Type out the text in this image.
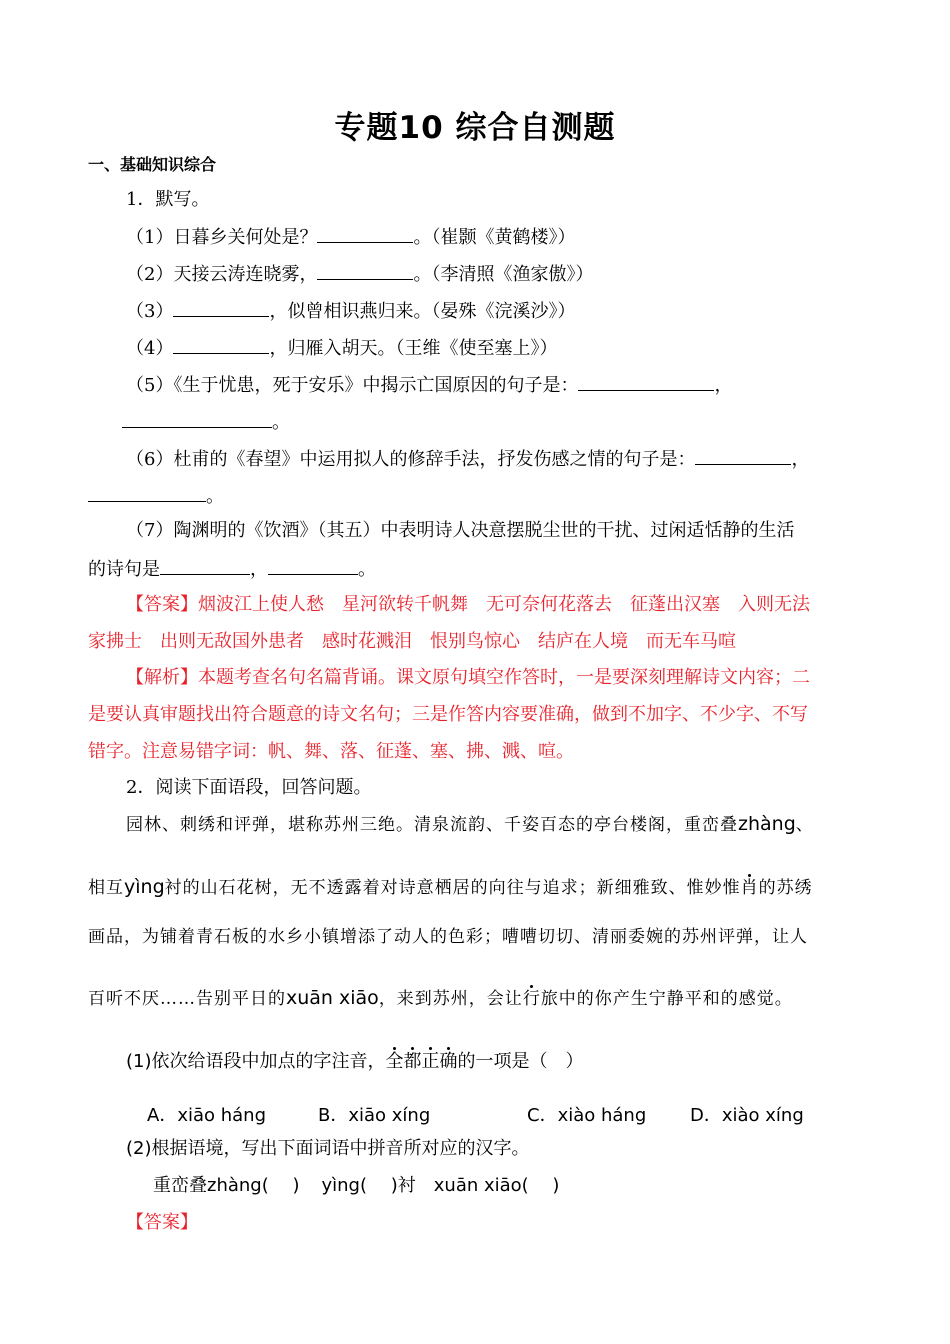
专题10 综合自测题
一、基础知识综合
1．默写。
（1）日暮乡关何处是？	。（崔颢《黄鹤楼》）
（2）天接云涛连晓雾，	。（李清照《渔家傲》）
（3）	，似曾相识燕归来。（晏殊《浣溪沙》）
（4）	，归雁入胡天。（王维《使至塞上》）
（5）《生于忧患，死于安乐》中揭示亡国原因的句子是：	，
。
（6）杜甫的《春望》中运用拟人的修辞手法，抒发伤感之情的句子是：	，
。
（7）陶渊明的《饮酒》（其五）中表明诗人决意摆脱尘世的干扰、过闲适恬静的生活
的诗句是	，	。
【答案】烟波江上使人愁　星河欲转千帆舞　无可奈何花落去　征蓬出汉塞　入则无法
家拂士　出则无敌国外患者　感时花溅泪　恨别鸟惊心　结庐在人境　而无车马喧
【解析】本题考查名句名篇背诵。课文原句填空作答时，一是要深刻理解诗文内容；二
是要认真审题找出符合题意的诗文名句；三是作答内容要准确，做到不加字、不少字、不写
错字。注意易错字词：帆、舞、落、征蓬、塞、拂、溅、喧。
2．阅读下面语段，回答问题。
园林、刺绣和评弹，堪称苏州三绝。清泉流韵、千姿百态的亭台楼阁，重峦叠zhàng、
相互yìng衬的山石花树，无不透露着对诗意栖居的向往与追求；新细雅致、惟妙惟肖的苏绣
画品，为铺着青石板的水乡小镇增添了动人的色彩；嘈嘈切切、清丽委婉的苏州评弹，让人
百听不厌……告别平日的xuān xiāo，来到苏州，会让行旅中的你产生宁静平和的感觉。
(1)依次给语段中加点的字注音，全都正确的一项是（　）
A．xiāo háng	B．xiāo xíng	C．xiào háng D．xiào xíng
(2)根据语境，写出下面词语中拼音所对应的汉字。
重峦叠zhàng(　 ) yìng(　 )衬 xuān xiāo(　 )
【答案】
